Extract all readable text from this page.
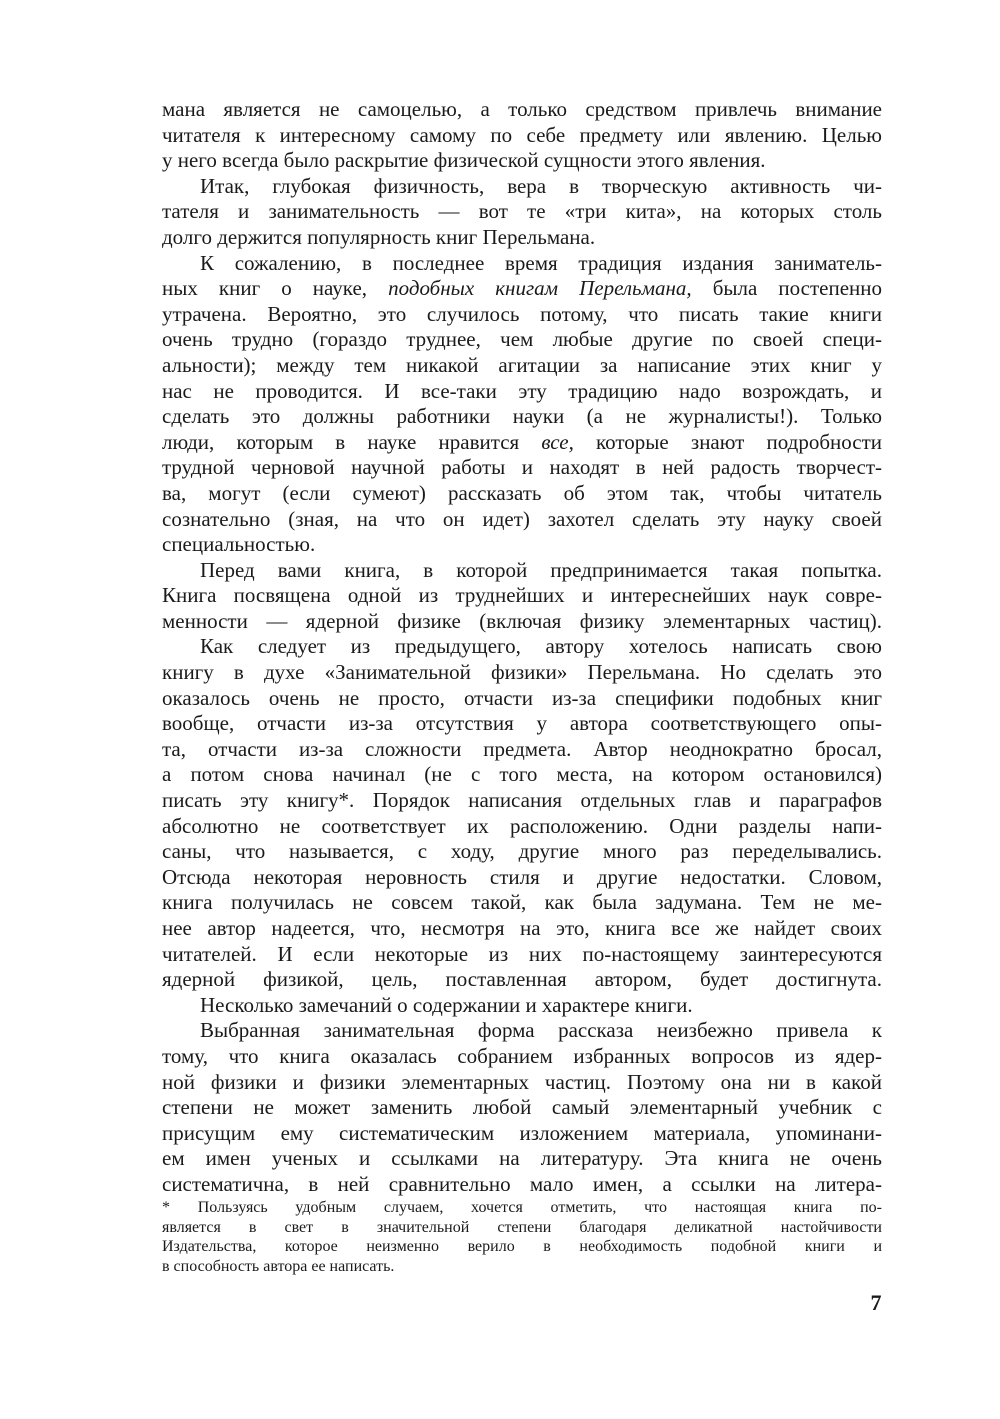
мана является не самоцелью, а только средством привлечь внимание
читателя к интересному самому по себе предмету или явлению. Целью
у него всегда было раскрытие физической сущности этого явления.
Итак, глубокая физичность, вера в творческую активность чи-
тателя и занимательность — вот те «три кита», на которых столь
долго держится популярность книг Перельмана.
К сожалению, в последнее время традиция издания заниматель-
ных книг о науке, подобных книгам Перельмана, была постепенно
утрачена. Вероятно, это случилось потому, что писать такие книги
очень трудно (гораздо труднее, чем любые другие по своей специ-
альности); между тем никакой агитации за написание этих книг у
нас не проводится. И все-таки эту традицию надо возрождать, и
сделать это должны работники науки (а не журналисты!). Только
люди, которым в науке нравится все, которые знают подробности
трудной черновой научной работы и находят в ней радость творчест-
ва, могут (если сумеют) рассказать об этом так, чтобы читатель
сознательно (зная, на что он идет) захотел сделать эту науку своей
специальностью.
Перед вами книга, в которой предпринимается такая попытка.
Книга посвящена одной из труднейших и интереснейших наук совре-
менности — ядерной физике (включая физику элементарных частиц).
Как следует из предыдущего, автору хотелось написать свою
книгу в духе «Занимательной физики» Перельмана. Но сделать это
оказалось очень не просто, отчасти из-за специфики подобных книг
вообще, отчасти из-за отсутствия у автора соответствующего опы-
та, отчасти из-за сложности предмета. Автор неоднократно бросал,
а потом снова начинал (не с того места, на котором остановился)
писать эту книгу*. Порядок написания отдельных глав и параграфов
абсолютно не соответствует их расположению. Одни разделы напи-
саны, что называется, с ходу, другие много раз переделывались.
Отсюда некоторая неровность стиля и другие недостатки. Словом,
книга получилась не совсем такой, как была задумана. Тем не ме-
нее автор надеется, что, несмотря на это, книга все же найдет своих
читателей. И если некоторые из них по-настоящему заинтересуются
ядерной физикой, цель, поставленная автором, будет достигнута.
Несколько замечаний о содержании и характере книги.
Выбранная занимательная форма рассказа неизбежно привела к
тому, что книга оказалась собранием избранных вопросов из ядер-
ной физики и физики элементарных частиц. Поэтому она ни в какой
степени не может заменить любой самый элементарный учебник с
присущим ему систематическим изложением материала, упоминани-
ем имен ученых и ссылками на литературу. Эта книга не очень
систематична, в ней сравнительно мало имен, а ссылки на литера-
* Пользуясь удобным случаем, хочется отметить, что настоящая книга по-
является в свет в значительной степени благодаря деликатной настойчивости
Издательства, которое неизменно верило в необходимость подобной книги и
в способность автора ее написать.
7
